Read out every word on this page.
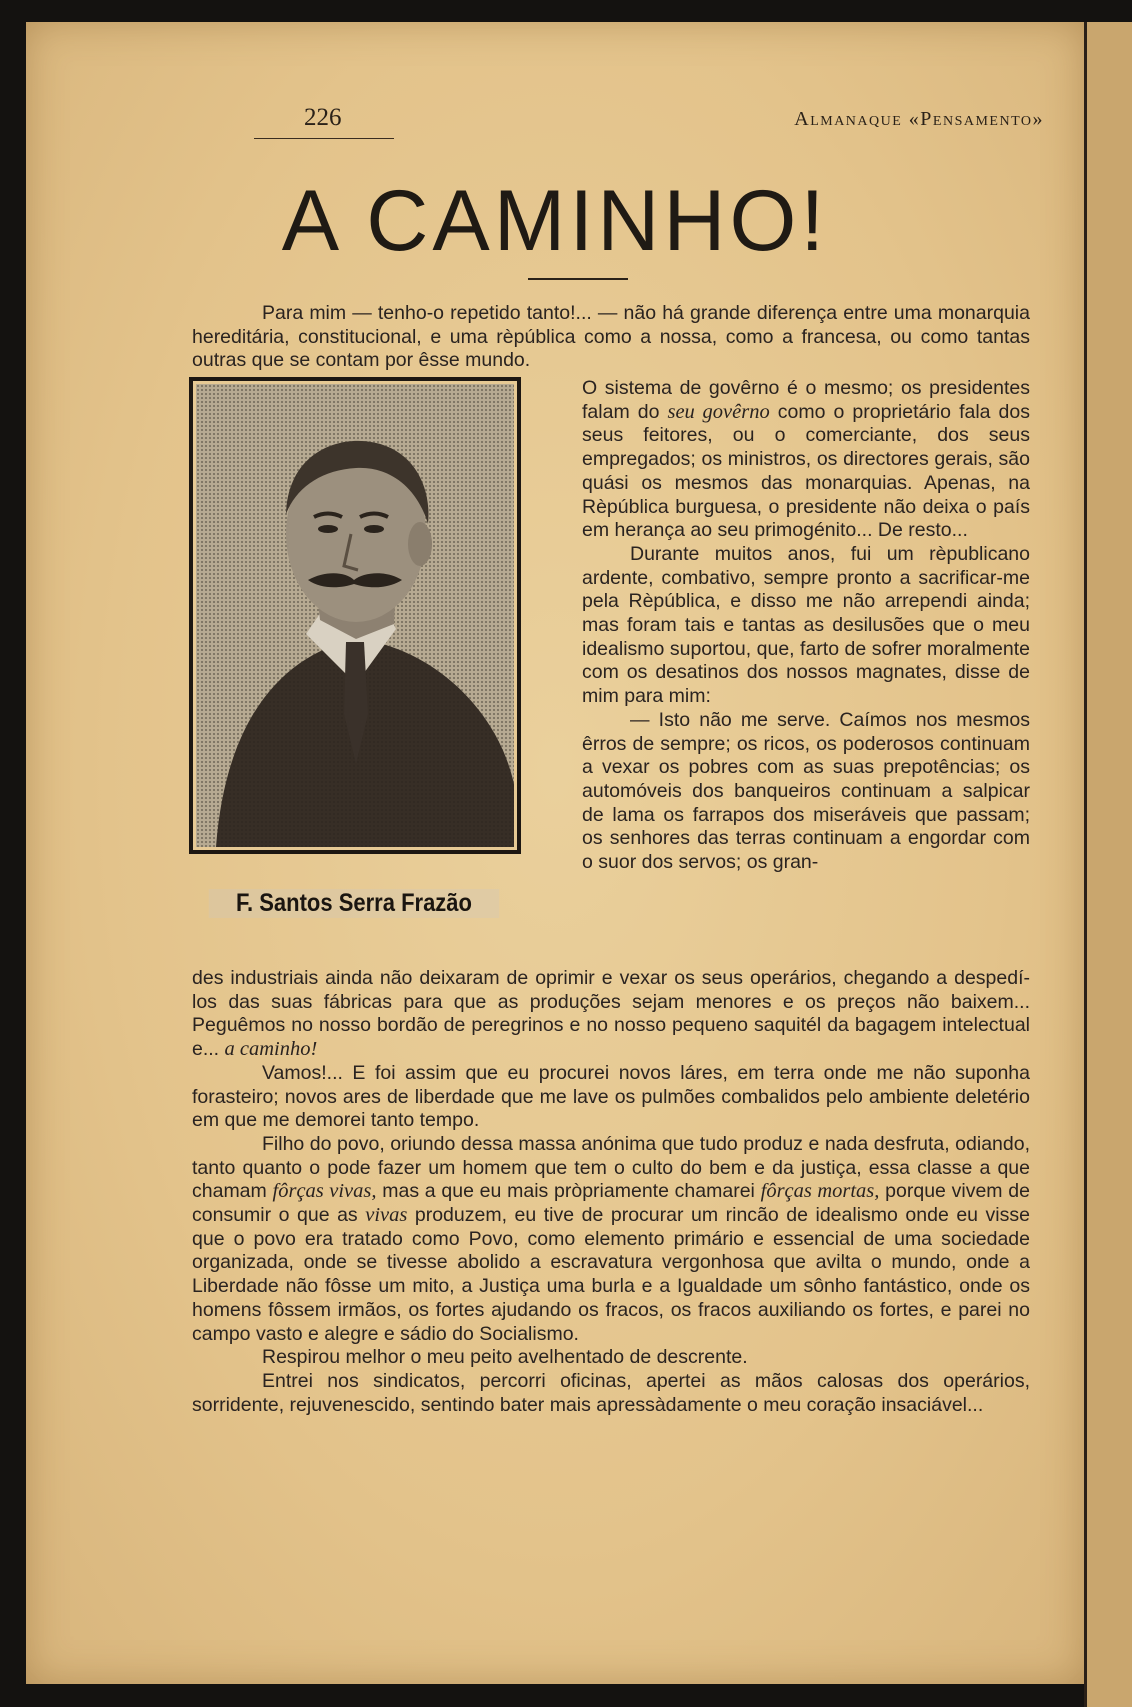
226	Almanaque «Pensamento»
A CAMINHO!

Para mim — tenho-o repetido tanto!... — não há grande diferença entre uma monarquia hereditária, constitucional, e uma rèpública como a nossa, como a francesa, ou como tantas outras que se contam por êsse mundo.

F. Santos Serra Frazão

O sistema de govêrno é o mesmo; os presidentes falam do seu govêrno como o proprietário fala dos seus feitores, ou o comerciante, dos seus empregados; os ministros, os directores gerais, são quási os mesmos das monarquias. Apenas, na Rèpública burguesa, o presidente não deixa o país em herança ao seu primogénito... De resto...

Durante muitos anos, fui um rèpublicano ardente, combativo, sempre pronto a sacrificar-me pela Rèpública, e disso me não arrependi ainda; mas foram tais e tantas as desilusões que o meu idealismo suportou, que, farto de sofrer moralmente com os desatinos dos nossos magnates, disse de mim para mim:

— Isto não me serve. Caímos nos mesmos êrros de sempre; os ricos, os poderosos continuam a vexar os pobres com as suas prepotências; os automóveis dos banqueiros continuam a salpicar de lama os farrapos dos miseráveis que passam; os senhores das terras continuam a engordar com o suor dos servos; os gran-

des industriais ainda não deixaram de oprimir e vexar os seus operários, chegando a despedí-los das suas fábricas para que as produções sejam menores e os preços não baixem... Peguêmos no nosso bordão de peregrinos e no nosso pequeno saquitél da bagagem intelectual e... a caminho!

Vamos!... E foi assim que eu procurei novos láres, em terra onde me não suponha forasteiro; novos ares de liberdade que me lave os pulmões combalidos pelo ambiente deletério em que me demorei tanto tempo.

Filho do povo, oriundo dessa massa anónima que tudo produz e nada desfruta, odiando, tanto quanto o pode fazer um homem que tem o culto do bem e da justiça, essa classe a que chamam fôrças vivas, mas a que eu mais pròpriamente chamarei fôrças mortas, porque vivem de consumir o que as vivas produzem, eu tive de procurar um rincão de idealismo onde eu visse que o povo era tratado como Povo, como elemento primário e essencial de uma sociedade organizada, onde se tivesse abolido a escravatura vergonhosa que avilta o mundo, onde a Liberdade não fôsse um mito, a Justiça uma burla e a Igualdade um sônho fantástico, onde os homens fôssem irmãos, os fortes ajudando os fracos, os fracos auxiliando os fortes, e parei no campo vasto e alegre e sádio do Socialismo.

Respirou melhor o meu peito avelhentado de descrente.

Entrei nos sindicatos, percorri oficinas, apertei as mãos calosas dos operários, sorridente, rejuvenescido, sentindo bater mais apressàdamente o meu coração insaciável...
